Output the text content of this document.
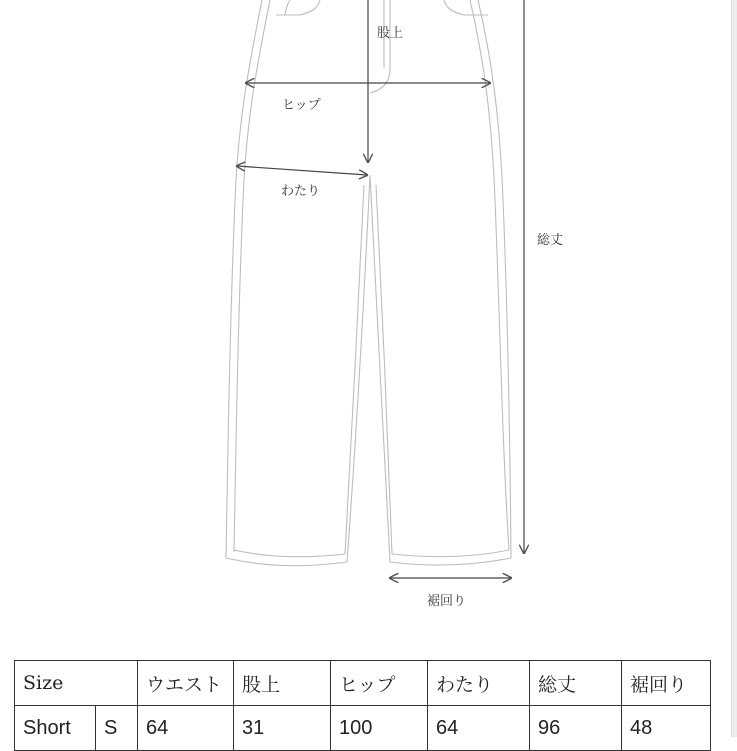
股上
ヒップ
わたり
総丈
裾回り
Size		ウエスト	股上	ヒップ	わたり	総丈	裾回り
Short	S	64	31	100	64	96	48
